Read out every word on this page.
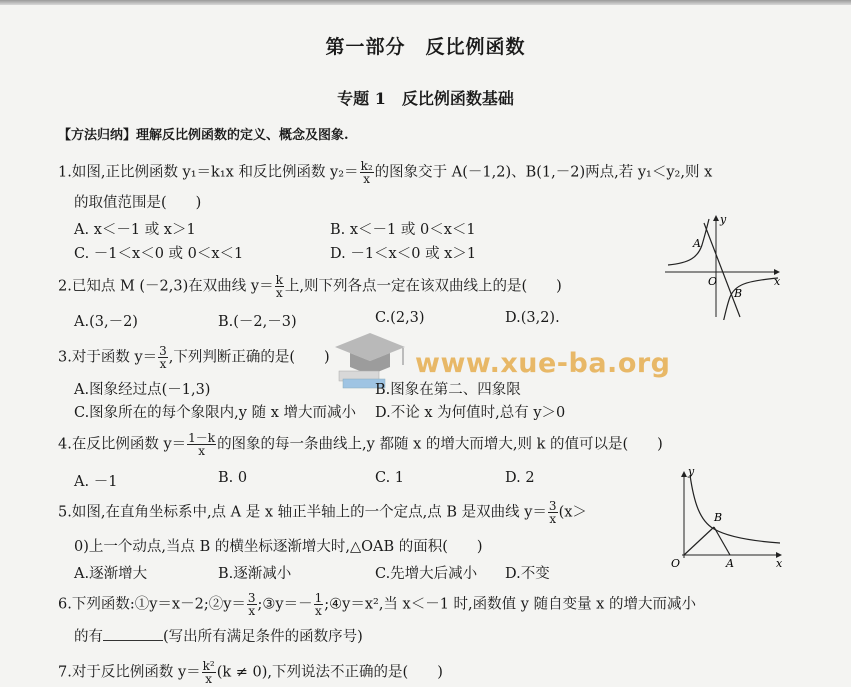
第一部分　反比例函数
专题 1　反比例函数基础
【方法归纳】理解反比例函数的定义、概念及图象.
1.如图,正比例函数 y₁＝k₁x 和反比例函数 $y_2= \frac{\text{k₂}}{x}$ 的图象交于 A(－1,2)、B(1,－2)两点,若 y₁＜y₂,则 x
的取值范围是(　　)
A. x＜－1 或 x＞1	B. x＜－1 或 0＜x＜1
C. －1＜x＜0 或 0＜x＜1	D. －1＜x＜0 或 x＞1
y
x
O
A
B
2.已知点 M (－2,3)在双曲线 $y= \frac{k}{x}$ 上,则下列各点一定在该双曲线上的是(　　)
A.(3,－2)	B.(－2,－3)	C.(2,3)	D.(3,2).
www.xue-ba.org
3.对于函数 $y= \frac{3}{x}$ ,下列判断正确的是(　　)
A.图象经过点(－1,3)	B.图象在第二、四象限
C.图象所在的每个象限内,y 随 x 增大而减小 D.不论 x 为何值时,总有 y＞0
4.在反比例函数 $y= \frac{1-k}{x}$ 的图象的每一条曲线上,y 都随 x 的增大而增大,则 k 的值可以是(　　)
A. －1	B. 0	C. 1	D. 2
5.如图,在直角坐标系中,点 A 是 x 轴正半轴上的一个定点,点 B 是双曲线 $y= \frac{3}{x} (x>$
0)上一个动点,当点 B 的横坐标逐渐增大时,△OAB 的面积(　　)
A.逐渐增大	B.逐渐减小	C.先增大后减小 D.不变
y
x
O	A
B
6.下列函数:①y＝x－2;②y＝ $\frac{3}{x}$ ;③y＝－ $\frac{1}{x}$ ;④y＝x²,当 x＜－1 时,函数值 y 随自变量 x 的增大而减小
的有	(写出所有满足条件的函数序号)
7.对于反比例函数 $y= \frac{\text{k²}}{x} (k \ne 0)$,下列说法不正确的是(　　)
